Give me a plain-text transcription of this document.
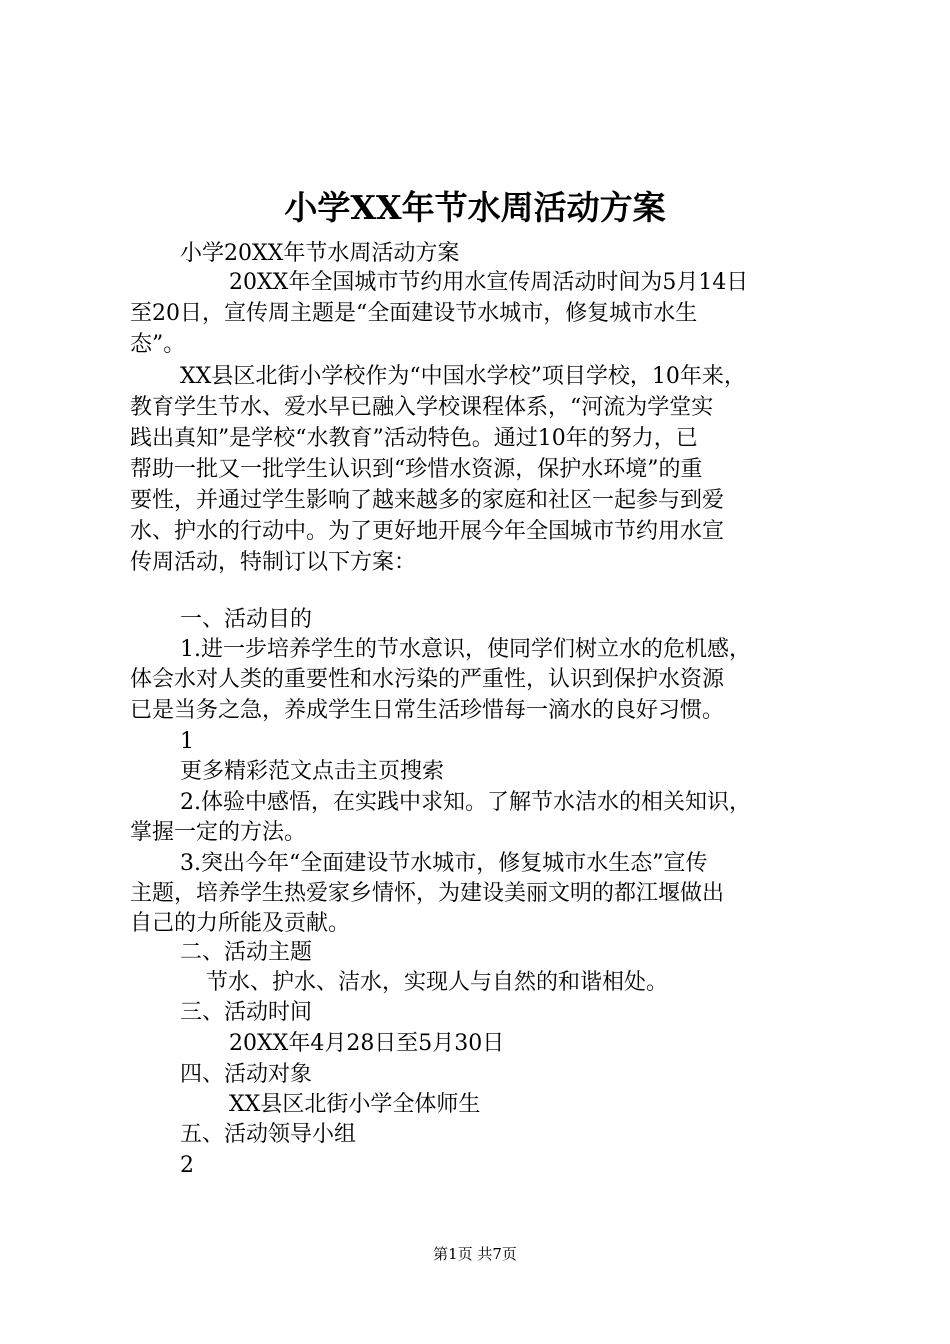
小学XX年节水周活动方案
小学20XX年节水周活动方案
20XX年全国城市节约用水宣传周活动时间为5月14日
至20日，宣传周主题是“全面建设节水城市，修复城市水生
态”。
XX县区北街小学校作为“中国水学校”项目学校，10年来，
教育学生节水、爱水早已融入学校课程体系，“河流为学堂实
践出真知”是学校“水教育”活动特色。通过10年的努力，已
帮助一批又一批学生认识到“珍惜水资源，保护水环境”的重
要性，并通过学生影响了越来越多的家庭和社区一起参与到爱
水、护水的行动中。为了更好地开展今年全国城市节约用水宣
传周活动，特制订以下方案：
一、活动目的
1.进一步培养学生的节水意识，使同学们树立水的危机感，
体会水对人类的重要性和水污染的严重性，认识到保护水资源
已是当务之急，养成学生日常生活珍惜每一滴水的良好习惯。
1
更多精彩范文点击主页搜索
2.体验中感悟，在实践中求知。了解节水洁水的相关知识，
掌握一定的方法。
3.突出今年“全面建设节水城市，修复城市水生态”宣传
主题，培养学生热爱家乡情怀，为建设美丽文明的都江堰做出
自己的力所能及贡献。
二、活动主题
节水、护水、洁水，实现人与自然的和谐相处。
三、活动时间
20XX年4月28日至5月30日
四、活动对象
XX县区北街小学全体师生
五、活动领导小组
2
第1页 共7页
